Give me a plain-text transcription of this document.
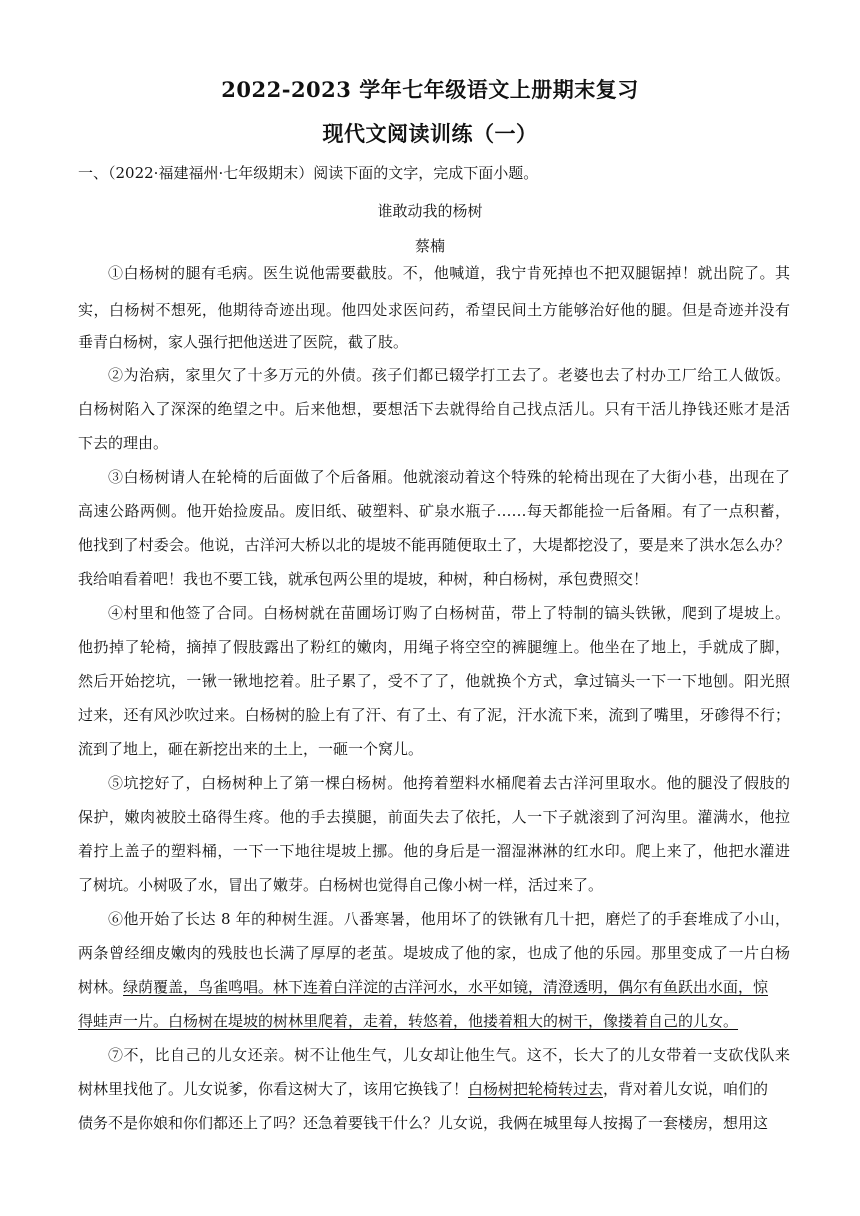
2022-2023 学年七年级语文上册期末复习
现代文阅读训练（一）
一、（2022·福建福州·七年级期末）阅读下面的文字，完成下面小题。
谁敢动我的杨树
蔡楠
①白杨树的腿有毛病。医生说他需要截肢。不，他喊道，我宁肯死掉也不把双腿锯掉！就出院了。其
实，白杨树不想死，他期待奇迹出现。他四处求医问药，希望民间土方能够治好他的腿。但是奇迹并没有
垂青白杨树，家人强行把他送进了医院，截了肢。
②为治病，家里欠了十多万元的外债。孩子们都已辍学打工去了。老婆也去了村办工厂给工人做饭。
白杨树陷入了深深的绝望之中。后来他想，要想活下去就得给自己找点活儿。只有干活儿挣钱还账才是活
下去的理由。
③白杨树请人在轮椅的后面做了个后备厢。他就滚动着这个特殊的轮椅出现在了大街小巷，出现在了
高速公路两侧。他开始捡废品。废旧纸、破塑料、矿泉水瓶子……每天都能捡一后备厢。有了一点积蓄，
他找到了村委会。他说，古洋河大桥以北的堤坡不能再随便取土了，大堤都挖没了，要是来了洪水怎么办？
我给咱看着吧！我也不要工钱，就承包两公里的堤坡，种树，种白杨树，承包费照交！
④村里和他签了合同。白杨树就在苗圃场订购了白杨树苗，带上了特制的镐头铁锹，爬到了堤坡上。
他扔掉了轮椅，摘掉了假肢露出了粉红的嫩肉，用绳子将空空的裤腿缠上。他坐在了地上，手就成了脚，
然后开始挖坑，一锹一锹地挖着。肚子累了，受不了了，他就换个方式，拿过镐头一下一下地刨。阳光照
过来，还有风沙吹过来。白杨树的脸上有了汗、有了土、有了泥，汗水流下来，流到了嘴里，牙碜得不行；
流到了地上，砸在新挖出来的土上，一砸一个窝儿。
⑤坑挖好了，白杨树种上了第一棵白杨树。他挎着塑料水桶爬着去古洋河里取水。他的腿没了假肢的
保护，嫩肉被胶土硌得生疼。他的手去摸腿，前面失去了依托，人一下子就滚到了河沟里。灌满水，他拉
着拧上盖子的塑料桶，一下一下地往堤坡上挪。他的身后是一溜湿淋淋的红水印。爬上来了，他把水灌进
了树坑。小树吸了水，冒出了嫩芽。白杨树也觉得自己像小树一样，活过来了。
⑥他开始了长达 8 年的种树生涯。八番寒暑，他用坏了的铁锹有几十把，磨烂了的手套堆成了小山，
两条曾经细皮嫩肉的残肢也长满了厚厚的老茧。堤坡成了他的家，也成了他的乐园。那里变成了一片白杨
树林。绿荫覆盖，鸟雀鸣唱。林下连着白洋淀的古洋河水，水平如镜，清澄透明，偶尔有鱼跃出水面，惊
得蛙声一片。白杨树在堤坡的树林里爬着，走着，转悠着，他搂着粗大的树干，像搂着自己的儿女。
⑦不，比自己的儿女还亲。树不让他生气，儿女却让他生气。这不，长大了的儿女带着一支砍伐队来
树林里找他了。儿女说爹，你看这树大了，该用它换钱了！白杨树把轮椅转过去，背对着儿女说，咱们的
债务不是你娘和你们都还上了吗？还急着要钱干什么？儿女说，我俩在城里每人按揭了一套楼房，想用这
